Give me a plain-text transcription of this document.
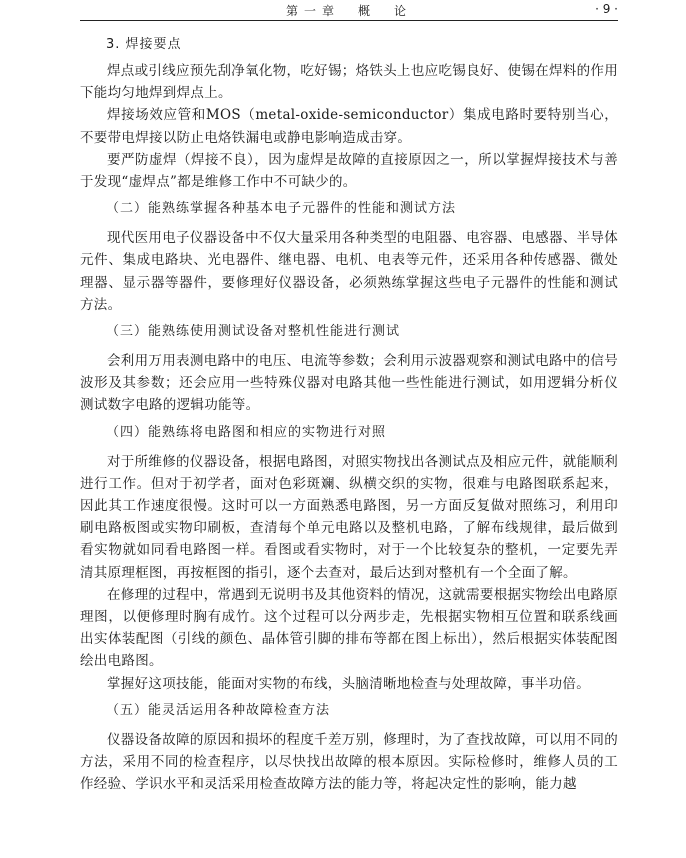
第一章　概　论	· 9 ·
3. 焊接要点

焊点或引线应预先刮净氧化物，吃好锡；烙铁头上也应吃锡良好、使锡在焊料的作用下能均匀地焊到焊点上。

焊接场效应管和MOS（metal-oxide-semiconductor）集成电路时要特别当心，不要带电焊接以防止电烙铁漏电或静电影响造成击穿。

要严防虚焊（焊接不良），因为虚焊是故障的直接原因之一，所以掌握焊接技术与善于发现“虚焊点”都是维修工作中不可缺少的。

（二）能熟练掌握各种基本电子元器件的性能和测试方法

现代医用电子仪器设备中不仅大量采用各种类型的电阻器、电容器、电感器、半导体元件、集成电路块、光电器件、继电器、电机、电表等元件，还采用各种传感器、微处理器、显示器等器件，要修理好仪器设备，必须熟练掌握这些电子元器件的性能和测试方法。

（三）能熟练使用测试设备对整机性能进行测试

会利用万用表测电路中的电压、电流等参数；会利用示波器观察和测试电路中的信号波形及其参数；还会应用一些特殊仪器对电路其他一些性能进行测试，如用逻辑分析仪测试数字电路的逻辑功能等。

（四）能熟练将电路图和相应的实物进行对照

对于所维修的仪器设备，根据电路图，对照实物找出各测试点及相应元件，就能顺利进行工作。但对于初学者，面对色彩斑斓、纵横交织的实物，很难与电路图联系起来，因此其工作速度很慢。这时可以一方面熟悉电路图，另一方面反复做对照练习，利用印刷电路板图或实物印刷板，查清每个单元电路以及整机电路，了解布线规律，最后做到看实物就如同看电路图一样。看图或看实物时，对于一个比较复杂的整机，一定要先弄清其原理框图，再按框图的指引，逐个去查对，最后达到对整机有一个全面了解。

在修理的过程中，常遇到无说明书及其他资料的情况，这就需要根据实物绘出电路原理图，以便修理时胸有成竹。这个过程可以分两步走，先根据实物相互位置和联系线画出实体装配图（引线的颜色、晶体管引脚的排布等都在图上标出），然后根据实体装配图绘出电路图。

掌握好这项技能，能面对实物的布线，头脑清晰地检查与处理故障，事半功倍。

（五）能灵活运用各种故障检查方法

仪器设备故障的原因和损坏的程度千差万别，修理时，为了查找故障，可以用不同的方法，采用不同的检查程序，以尽快找出故障的根本原因。实际检修时，维修人员的工作经验、学识水平和灵活采用检查故障方法的能力等，将起决定性的影响，能力越
